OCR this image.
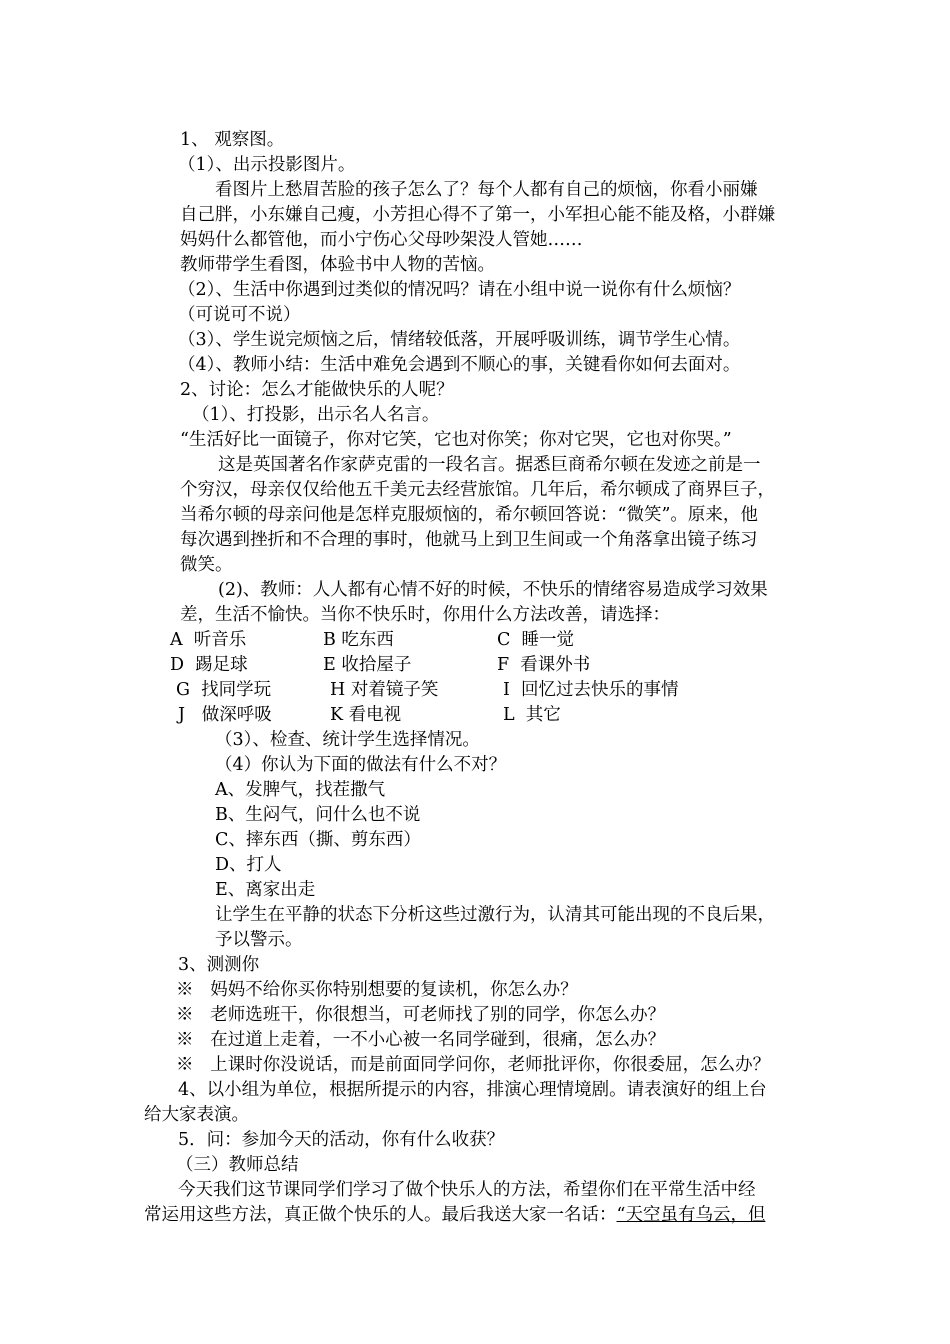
1、 观察图。
（1）、出示投影图片。
看图片上愁眉苦脸的孩子怎么了？每个人都有自己的烦恼，你看小丽嫌
自己胖，小东嫌自己瘦，小芳担心得不了第一，小军担心能不能及格，小群嫌
妈妈什么都管他，而小宁伤心父母吵架没人管她……
教师带学生看图，体验书中人物的苦恼。
（2）、生活中你遇到过类似的情况吗？请在小组中说一说你有什么烦恼？
（可说可不说）
（3）、学生说完烦恼之后，情绪较低落，开展呼吸训练，调节学生心情。
（4）、教师小结：生活中难免会遇到不顺心的事，关键看你如何去面对。
2、讨论：怎么才能做快乐的人呢？
（1）、打投影，出示名人名言。
“生活好比一面镜子，你对它笑，它也对你笑；你对它哭，它也对你哭。”
这是英国著名作家萨克雷的一段名言。据悉巨商希尔顿在发迹之前是一
个穷汉，母亲仅仅给他五千美元去经营旅馆。几年后，希尔顿成了商界巨子，
当希尔顿的母亲问他是怎样克服烦恼的，希尔顿回答说：“微笑”。原来，他
每次遇到挫折和不合理的事时，他就马上到卫生间或一个角落拿出镜子练习
微笑。
(2)、教师：人人都有心情不好的时候，不快乐的情绪容易造成学习效果
差，生活不愉快。当你不快乐时，你用什么方法改善，请选择：
A  听音乐	B 吃东西	C  睡一觉
D  踢足球	E 收拾屋子	F  看课外书
G  找同学玩	H 对着镜子笑	I  回忆过去快乐的事情
J   做深呼吸	K 看电视	L  其它
（3）、检查、统计学生选择情况。
（4）你认为下面的做法有什么不对？
A、发脾气，找茬撒气
B、生闷气，问什么也不说
C、摔东西（撕、剪东西）
D、打人
E、离家出走
让学生在平静的状态下分析这些过激行为，认清其可能出现的不良后果，
予以警示。
3、测测你
※   妈妈不给你买你特别想要的复读机，你怎么办？
※   老师选班干，你很想当，可老师找了别的同学，你怎么办？
※   在过道上走着，一不小心被一名同学碰到，很痛，怎么办？
※   上课时你没说话，而是前面同学问你，老师批评你，你很委屈，怎么办？
4、以小组为单位，根据所提示的内容，排演心理情境剧。请表演好的组上台
给大家表演。
5．问：参加今天的活动，你有什么收获？
（三）教师总结
今天我们这节课同学们学习了做个快乐人的方法，希望你们在平常生活中经
常运用这些方法，真正做个快乐的人。最后我送大家一名话：“天空虽有乌云，但
